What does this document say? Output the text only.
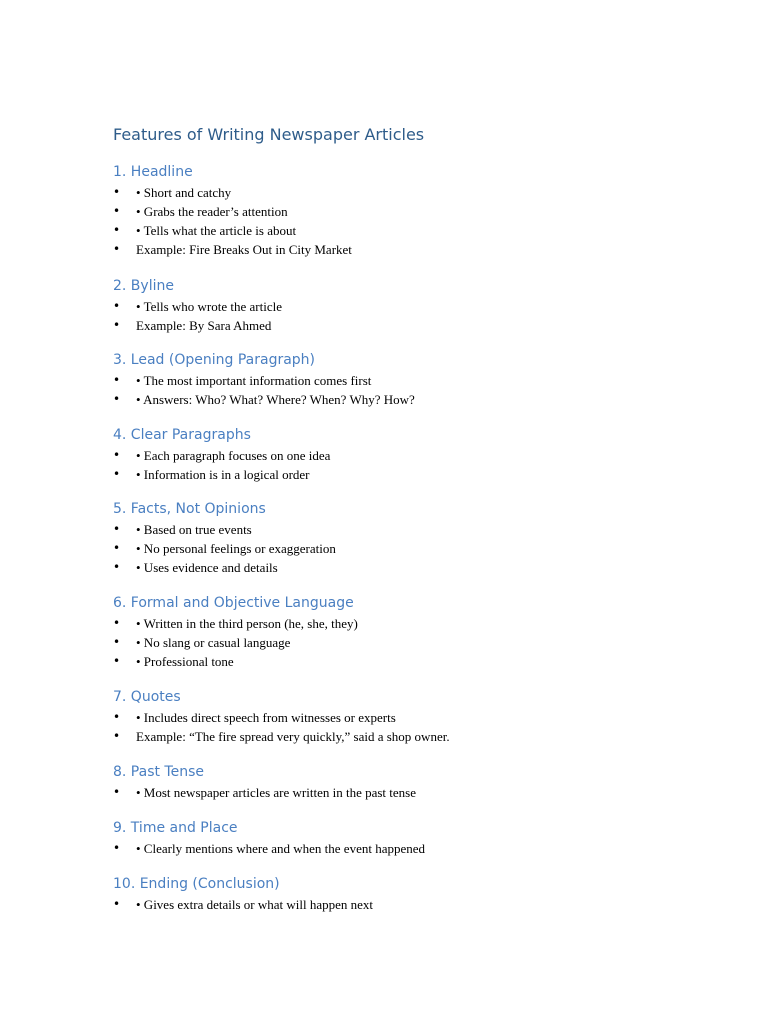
Features of Writing Newspaper Articles
1. Headline
• • Short and catchy
• • Grabs the reader’s attention
• • Tells what the article is about
• Example: Fire Breaks Out in City Market
2. Byline
• • Tells who wrote the article
• Example: By Sara Ahmed
3. Lead (Opening Paragraph)
• • The most important information comes first
• • Answers: Who? What? Where? When? Why? How?
4. Clear Paragraphs
• • Each paragraph focuses on one idea
• • Information is in a logical order
5. Facts, Not Opinions
• • Based on true events
• • No personal feelings or exaggeration
• • Uses evidence and details
6. Formal and Objective Language
• • Written in the third person (he, she, they)
• • No slang or casual language
• • Professional tone
7. Quotes
• • Includes direct speech from witnesses or experts
• Example: “The fire spread very quickly,” said a shop owner.
8. Past Tense
• • Most newspaper articles are written in the past tense
9. Time and Place
• • Clearly mentions where and when the event happened
10. Ending (Conclusion)
• • Gives extra details or what will happen next
